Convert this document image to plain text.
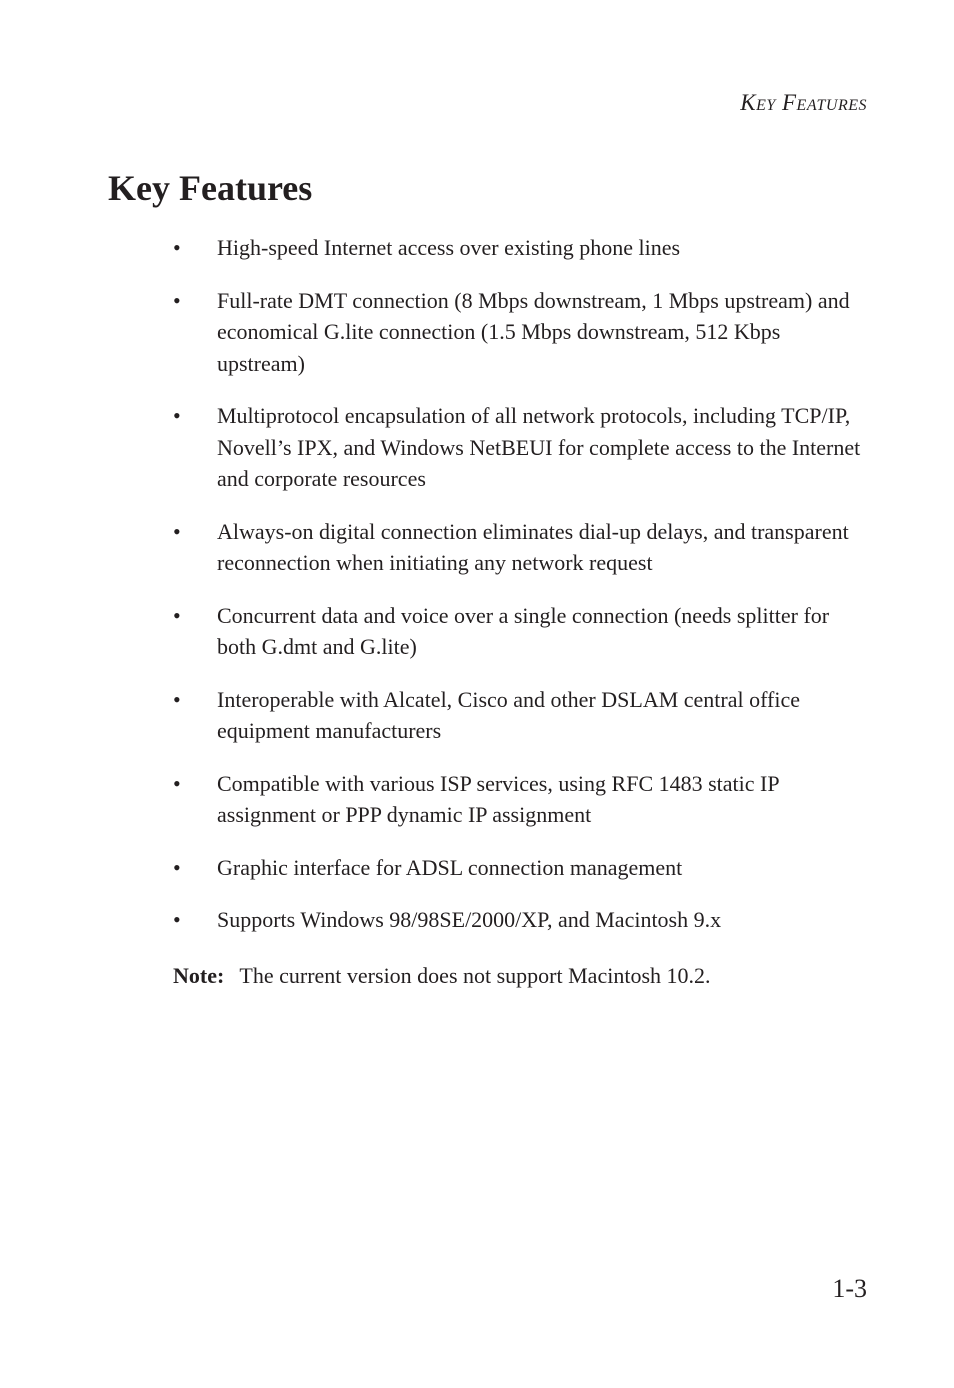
Key Features
Key Features
•	High-speed Internet access over existing phone lines
•	Full-rate DMT connection (8 Mbps downstream, 1 Mbps upstream) and economical G.lite connection (1.5 Mbps downstream, 512 Kbps upstream)
•	Multiprotocol encapsulation of all network protocols, including TCP/IP, Novell’s IPX, and Windows NetBEUI for complete access to the Internet and corporate resources
•	Always-on digital connection eliminates dial-up delays, and transparent reconnection when initiating any network request
•	Concurrent data and voice over a single connection (needs splitter for both G.dmt and G.lite)
•	Interoperable with Alcatel, Cisco and other DSLAM central office equipment manufacturers
•	Compatible with various ISP services, using RFC 1483 static IP assignment or PPP dynamic IP assignment
•	Graphic interface for ADSL connection management
•	Supports Windows 98/98SE/2000/XP, and Macintosh 9.x
Note: The current version does not support Macintosh 10.2.
1-3
